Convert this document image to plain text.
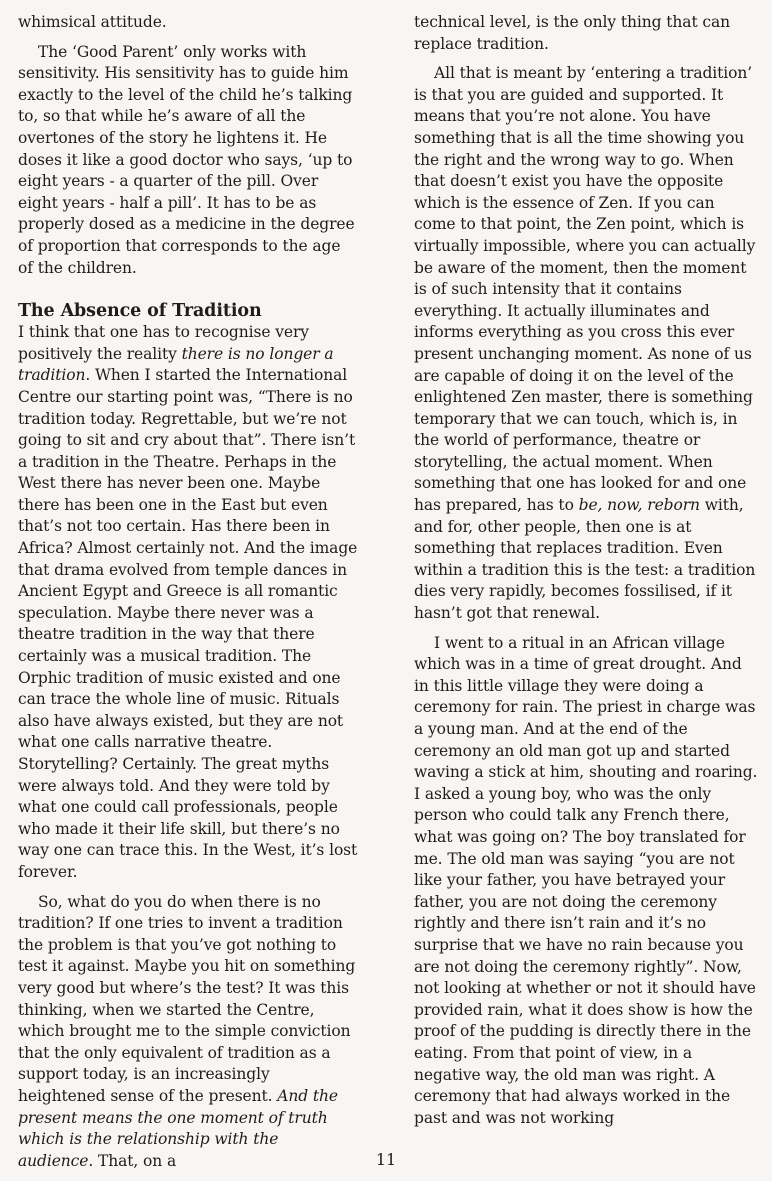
whimsical attitude.

The ‘Good Parent’ only works with sensitivity. His sensitivity has to guide him exactly to the level of the child he’s talking to, so that while he’s aware of all the overtones of the story he lightens it. He doses it like a good doctor who says, ‘up to eight years - a quarter of the pill. Over eight years - half a pill’. It has to be as properly dosed as a medicine in the degree of proportion that corresponds to the age of the children.

The Absence of Tradition

I think that one has to recognise very positively the reality there is no longer a tradition. When I started the International Centre our starting point was, “There is no tradition today. Regrettable, but we’re not going to sit and cry about that”. There isn’t a tradition in the Theatre. Perhaps in the West there has never been one. Maybe there has been one in the East but even that’s not too certain. Has there been in Africa? Almost certainly not. And the image that drama evolved from temple dances in Ancient Egypt and Greece is all romantic speculation. Maybe there never was a theatre tradition in the way that there certainly was a musical tradition. The Orphic tradition of music existed and one can trace the whole line of music. Rituals also have always existed, but they are not what one calls narrative theatre. Storytelling? Certainly. The great myths were always told. And they were told by what one could call professionals, people who made it their life skill, but there’s no way one can trace this. In the West, it’s lost forever.

So, what do you do when there is no tradition? If one tries to invent a tradition the problem is that you’ve got nothing to test it against. Maybe you hit on something very good but where’s the test? It was this thinking, when we started the Centre, which brought me to the simple conviction that the only equivalent of tradition as a support today, is an increasingly heightened sense of the present. And the present means the one moment of truth which is the relationship with the audience. That, on a

technical level, is the only thing that can replace tradition.

All that is meant by ‘entering a tradition’ is that you are guided and supported. It means that you’re not alone. You have something that is all the time showing you the right and the wrong way to go. When that doesn’t exist you have the opposite which is the essence of Zen. If you can come to that point, the Zen point, which is virtually impossible, where you can actually be aware of the moment, then the moment is of such intensity that it contains everything. It actually illuminates and informs everything as you cross this ever present unchanging moment. As none of us are capable of doing it on the level of the enlightened Zen master, there is something temporary that we can touch, which is, in the world of performance, theatre or storytelling, the actual moment. When something that one has looked for and one has prepared, has to be, now, reborn with, and for, other people, then one is at something that replaces tradition. Even within a tradition this is the test: a tradition dies very rapidly, becomes fossilised, if it hasn’t got that renewal.

I went to a ritual in an African village which was in a time of great drought. And in this little village they were doing a ceremony for rain. The priest in charge was a young man. And at the end of the ceremony an old man got up and started waving a stick at him, shouting and roaring. I asked a young boy, who was the only person who could talk any French there, what was going on? The boy translated for me. The old man was saying “you are not like your father, you have betrayed your father, you are not doing the ceremony rightly and there isn’t rain and it’s no surprise that we have no rain because you are not doing the ceremony rightly”. Now, not looking at whether or not it should have provided rain, what it does show is how the proof of the pudding is directly there in the eating. From that point of view, in a negative way, the old man was right. A ceremony that had always worked in the past and was not working

11
